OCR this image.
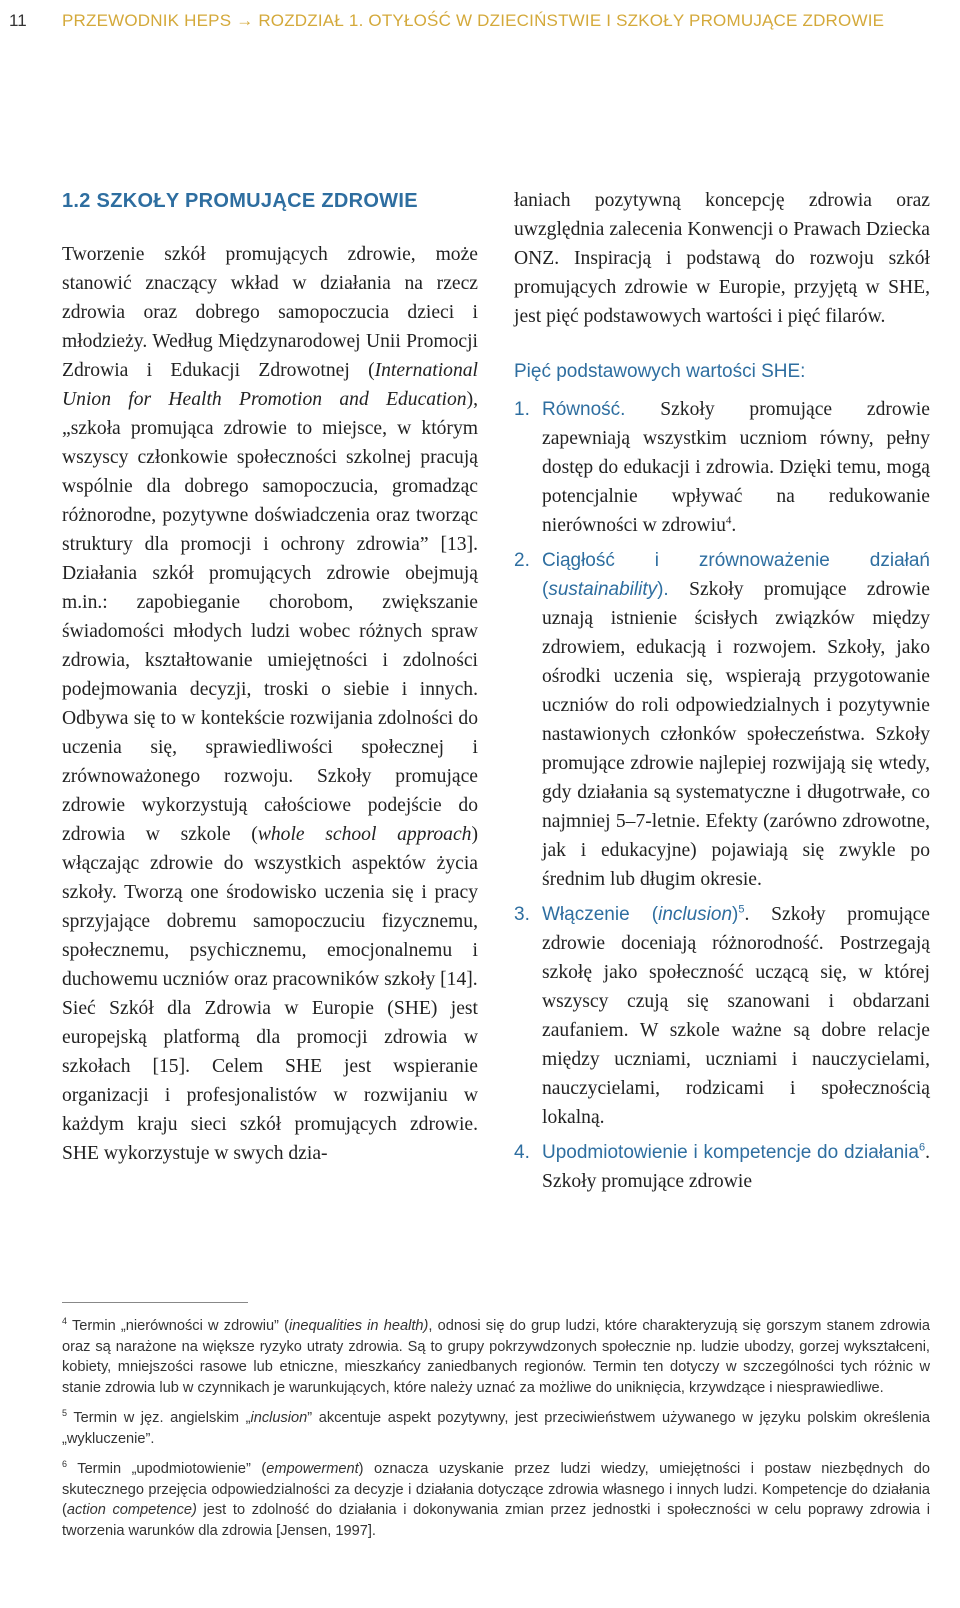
11 PRZEWODNIK HEPS → ROZDZIAŁ 1. OTYŁOŚĆ W DZIECIŃSTWIE I SZKOŁY PROMUJĄCE ZDROWIE
1.2 SZKOŁY PROMUJĄCE ZDROWIE

Tworzenie szkół promujących zdrowie, może stanowić znaczący wkład w działania na rzecz zdrowia oraz dobrego samopoczucia dzieci i młodzieży. Według Międzynarodowej Unii Promocji Zdrowia i Edukacji Zdrowotnej (International Union for Health Promotion and Education), „szkoła promująca zdrowie to miejsce, w którym wszyscy członkowie społeczności szkolnej pracują wspólnie dla dobrego samopoczucia, gromadząc różnorodne, pozytywne doświadczenia oraz tworząc struktury dla promocji i ochrony zdrowia” [13]. Działania szkół promujących zdrowie obejmują m.in.: zapobieganie chorobom, zwiększanie świadomości młodych ludzi wobec różnych spraw zdrowia, kształtowanie umiejętności i zdolności podejmowania decyzji, troski o siebie i innych. Odbywa się to w kontekście rozwijania zdolności do uczenia się, sprawiedliwości społecznej i zrównoważonego rozwoju. Szkoły promujące zdrowie wykorzystują całościowe podejście do zdrowia w szkole (whole school approach) włączając zdrowie do wszystkich aspektów życia szkoły. Tworzą one środowisko uczenia się i pracy sprzyjające dobremu samopoczuciu fizycznemu, społecznemu, psychicznemu, emocjonalnemu i duchowemu uczniów oraz pracowników szkoły [14].

Sieć Szkół dla Zdrowia w Europie (SHE) jest europejską platformą dla promocji zdrowia w szkołach [15]. Celem SHE jest wspieranie organizacji i profesjonalistów w rozwijaniu w każdym kraju sieci szkół promujących zdrowie. SHE wykorzystuje w swych dzia-

łaniach pozytywną koncepcję zdrowia oraz uwzględnia zalecenia Konwencji o Prawach Dziecka ONZ. Inspiracją i podstawą do rozwoju szkół promujących zdrowie w Europie, przyjętą w SHE, jest pięć podstawowych wartości i pięć filarów.

Pięć podstawowych wartości SHE:
1. Równość. Szkoły promujące zdrowie zapewniają wszystkim uczniom równy, pełny dostęp do edukacji i zdrowia. Dzięki temu, mogą potencjalnie wpływać na redukowanie nierówności w zdrowiu$^4$.
2. Ciągłość i zrównoważenie działań (sustainability). Szkoły promujące zdrowie uznają istnienie ścisłych związków między zdrowiem, edukacją i rozwojem. Szkoły, jako ośrodki uczenia się, wspierają przygotowanie uczniów do roli odpowiedzialnych i pozytywnie nastawionych członków społeczeństwa. Szkoły promujące zdrowie najlepiej rozwijają się wtedy, gdy działania są systematyczne i długotrwałe, co najmniej 5–7-letnie. Efekty (zarówno zdrowotne, jak i edukacyjne) pojawiają się zwykle po średnim lub długim okresie.
3. Włączenie (inclusion)$^5$. Szkoły promujące zdrowie doceniają różnorodność. Postrzegają szkołę jako społeczność uczącą się, w której wszyscy czują się szanowani i obdarzani zaufaniem. W szkole ważne są dobre relacje między uczniami, uczniami i nauczycielami, nauczycielami, rodzicami i społecznością lokalną.
4. Upodmiotowienie i kompetencje do działania$^6$. Szkoły promujące zdrowie
$^4$ Termin „nierówności w zdrowiu” (inequalities in health), odnosi się do grup ludzi, które charakteryzują się gorszym stanem zdrowia oraz są narażone na większe ryzyko utraty zdrowia. Są to grupy pokrzywdzonych społecznie np. ludzie ubodzy, gorzej wykształceni, kobiety, mniejszości rasowe lub etniczne, mieszkańcy zaniedbanych regionów. Termin ten dotyczy w szczególności tych różnic w stanie zdrowia lub w czynnikach je warunkujących, które należy uznać za możliwe do uniknięcia, krzywdzące i niesprawiedliwe.
$^5$ Termin w jęz. angielskim „inclusion” akcentuje aspekt pozytywny, jest przeciwieństwem używanego w języku polskim określenia „wykluczenie”.
$^6$ Termin „upodmiotowienie” (empowerment) oznacza uzyskanie przez ludzi wiedzy, umiejętności i postaw niezbędnych do skutecznego przejęcia odpowiedzialności za decyzje i działania dotyczące zdrowia własnego i innych ludzi. Kompetencje do działania (action competence) jest to zdolność do działania i dokonywania zmian przez jednostki i społeczności w celu poprawy zdrowia i tworzenia warunków dla zdrowia [Jensen, 1997].
